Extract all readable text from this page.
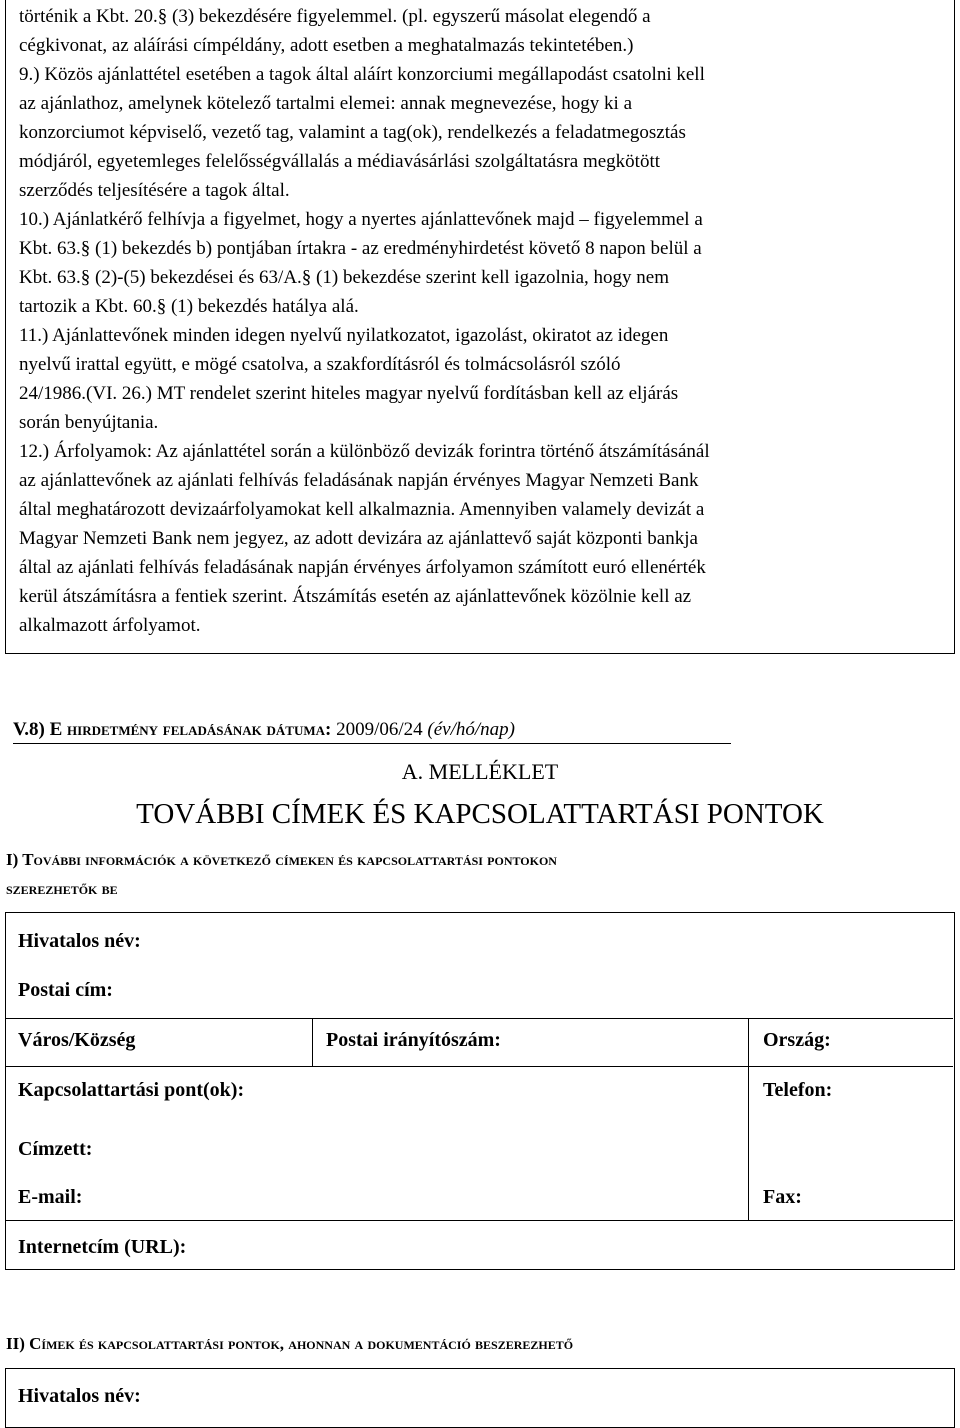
történik a Kbt. 20.§ (3) bekezdésére figyelemmel. (pl. egyszerű másolat elegendő a
cégkivonat, az aláírási címpéldány, adott esetben a meghatalmazás tekintetében.)
9.) Közös ajánlattétel esetében a tagok által aláírt konzorciumi megállapodást csatolni kell
az ajánlathoz, amelynek kötelező tartalmi elemei: annak megnevezése, hogy ki a
konzorciumot képviselő, vezető tag, valamint a tag(ok), rendelkezés a feladatmegosztás
módjáról, egyetemleges felelősségvállalás a médiavásárlási szolgáltatásra megkötött
szerződés teljesítésére a tagok által.
10.) Ajánlatkérő felhívja a figyelmet, hogy a nyertes ajánlattevőnek majd – figyelemmel a
Kbt. 63.§ (1) bekezdés b) pontjában írtakra - az eredményhirdetést követő 8 napon belül a
Kbt. 63.§ (2)-(5) bekezdései és 63/A.§ (1) bekezdése szerint kell igazolnia, hogy nem
tartozik a Kbt. 60.§ (1) bekezdés hatálya alá.
11.) Ajánlattevőnek minden idegen nyelvű nyilatkozatot, igazolást, okiratot az idegen
nyelvű irattal együtt, e mögé csatolva, a szakfordításról és tolmácsolásról szóló
24/1986.(VI. 26.) MT rendelet szerint hiteles magyar nyelvű fordításban kell az eljárás
során benyújtania.
12.) Árfolyamok: Az ajánlattétel során a különböző devizák forintra történő átszámításánál
az ajánlattevőnek az ajánlati felhívás feladásának napján érvényes Magyar Nemzeti Bank
által meghatározott devizaárfolyamokat kell alkalmaznia. Amennyiben valamely devizát a
Magyar Nemzeti Bank nem jegyez, az adott devizára az ajánlattevő saját központi bankja
által az ajánlati felhívás feladásának napján érvényes árfolyamon számított euró ellenérték
kerül átszámításra a fentiek szerint. Átszámítás esetén az ajánlattevőnek közölnie kell az
alkalmazott árfolyamot.
V.8) E hirdetmény feladásának dátuma: 2009/06/24 (év/hó/nap)
A. MELLÉKLET
TOVÁBBI CÍMEK ÉS KAPCSOLATTARTÁSI PONTOK
I) További információk a következő címeken és kapcsolattartási pontokon
szerezhetők be
Hivatalos név:
Postai cím:
Város/Község	Postai irányítószám:	Ország:
Kapcsolattartási pont(ok):	Telefon:
Címzett:
E-mail:	Fax:
Internetcím (URL):
II) Címek és kapcsolattartási pontok, ahonnan a dokumentáció beszerezhető
Hivatalos név:
